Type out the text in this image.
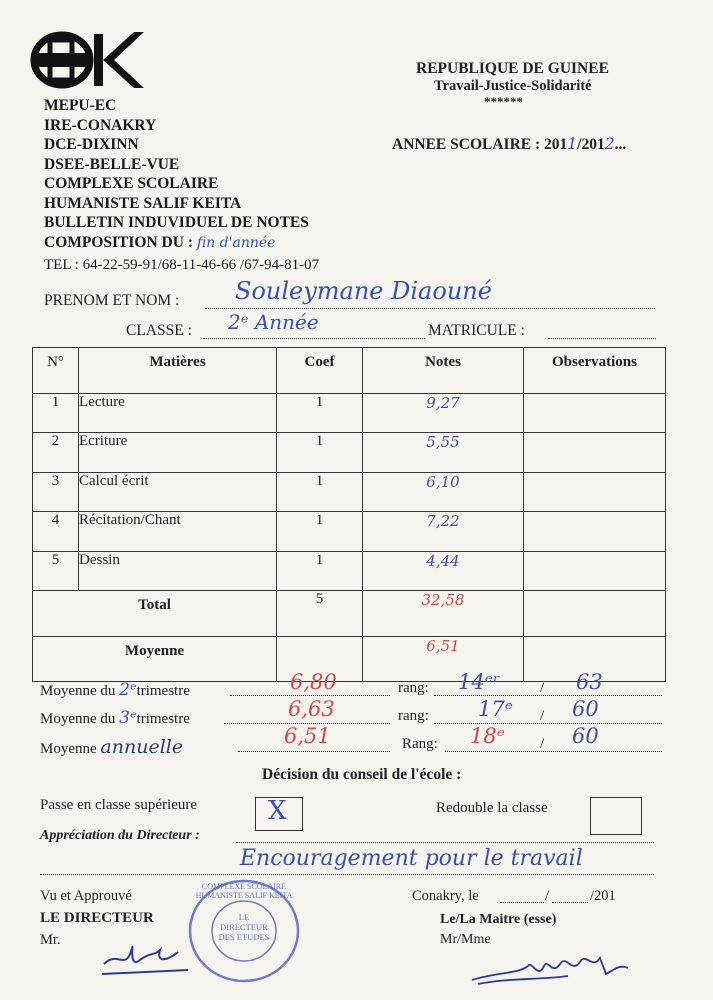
MEPU-EC
IRE-CONAKRY
DCE-DIXINN
DSEE-BELLE-VUE
COMPLEXE SCOLAIRE
HUMANISTE SALIF KEITA
BULLETIN INDUVIDUEL DE NOTES
COMPOSITION DU : fin d'année
TEL : 64-22-59-91/68-11-46-66 /67-94-81-07
REPUBLIQUE DE GUINEE
Travail-Justice-Solidarité
******
ANNEE SCOLAIRE : 2011/2012...
PRENOM ET NOM : Souleymane Diaouné
CLASSE : 2ᵉ Année	MATRICULE :
N°	Matières	Coef	Notes	Observations
1	Lecture	1	9,27	
2	Ecriture	1	5,55	
3	Calcul écrit	1	6,10	
4	Récitation/Chant	1	7,22	
5	Dessin	1	4,44	
Total		5	32,58	
Moyenne			6,51	
Moyenne du 2ᵉtrimestre	6,80	rang: 14ᵉʳ	/ 63
Moyenne du 3ᵉtrimestre	6,63	rang: 17ᵉ / 60
Moyenne annuelle	6,51	Rang: 18ᵉ / 60
Décision du conseil de l'école :
Passe en classe supérieure	X	Redouble la classe
Appréciation du Directeur :
Encouragement pour le travail
Vu et Approuvé
LE DIRECTEUR
Mr.
COMPLEXE SCOLAIRE HUMANISTE SALIF KEITA
LE DIRECTEUR DES ETUDES
Conakry, le	/	/201
Le/La Maitre (esse)
Mr/Mme
